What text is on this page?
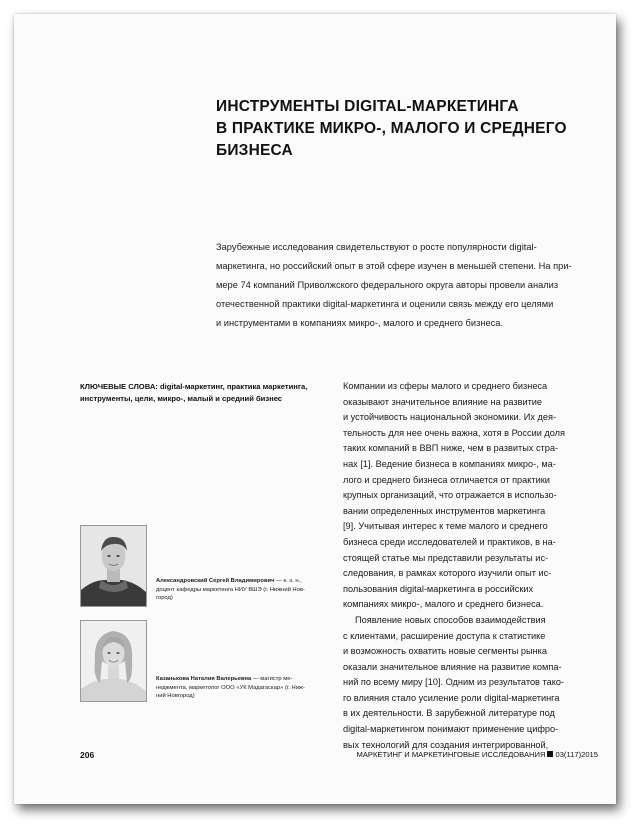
ИНСТРУМЕНТЫ DIGITAL-МАРКЕТИНГА
В ПРАКТИКЕ МИКРО-, МАЛОГО И СРЕДНЕГО
БИЗНЕСА
Зарубежные исследования свидетельствуют о росте популярности digital-
маркетинга, но российский опыт в этой сфере изучен в меньшей степени. На при-
мере 74 компаний Приволжского федерального округа авторы провели анализ
отечественной практики digital-маркетинга и оценили связь между его целями
и инструментами в компаниях микро-, малого и среднего бизнеса.
КЛЮЧЕВЫЕ СЛОВА: digital-маркетинг, практика маркетинга,
инструменты, цели, микро-, малый и средний бизнес
Компании из сферы малого и среднего бизнеса
оказывают значительное влияние на развитие
и устойчивость национальной экономики. Их дея-
тельность для нее очень важна, хотя в России доля
таких компаний в ВВП ниже, чем в развитых стра-
нах [1]. Ведение бизнеса в компаниях микро-, ма-
лого и среднего бизнеса отличается от практики
крупных организаций, что отражается в использо-
вании определенных инструментов маркетинга
[9]. Учитывая интерес к теме малого и среднего
бизнеса среди исследователей и практиков, в на-
стоящей статье мы представили результаты ис-
следования, в рамках которого изучили опыт ис-
пользования digital-маркетинга в российских
компаниях микро-, малого и среднего бизнеса.
Появление новых способов взаимодействия
с клиентами, расширение доступа к статистике
и возможность охватить новые сегменты рынка
оказали значительное влияние на развитие компа-
ний по всему миру [10]. Одним из результатов тако-
го влияния стало усиление роли digital-маркетинга
в их деятельности. В зарубежной литературе под
digital-маркетингом понимают применение цифро-
вых технологий для создания интегрированной,
Александровский Сергей Владимирович — к. э. н.,
доцент кафедры маркетинга НИУ ВШЭ (г. Нижний Нов-
город)
Казанькова Наталия Валерьевна — магистр ме-
неджмента, маркетолог ООО «УК Мадагаскар» (г. Ниж-
ний Новгород)
206	МАРКЕТИНГ И МАРКЕТИНГОВЫЕ ИССЛЕДОВАНИЯ 03(117)2015
